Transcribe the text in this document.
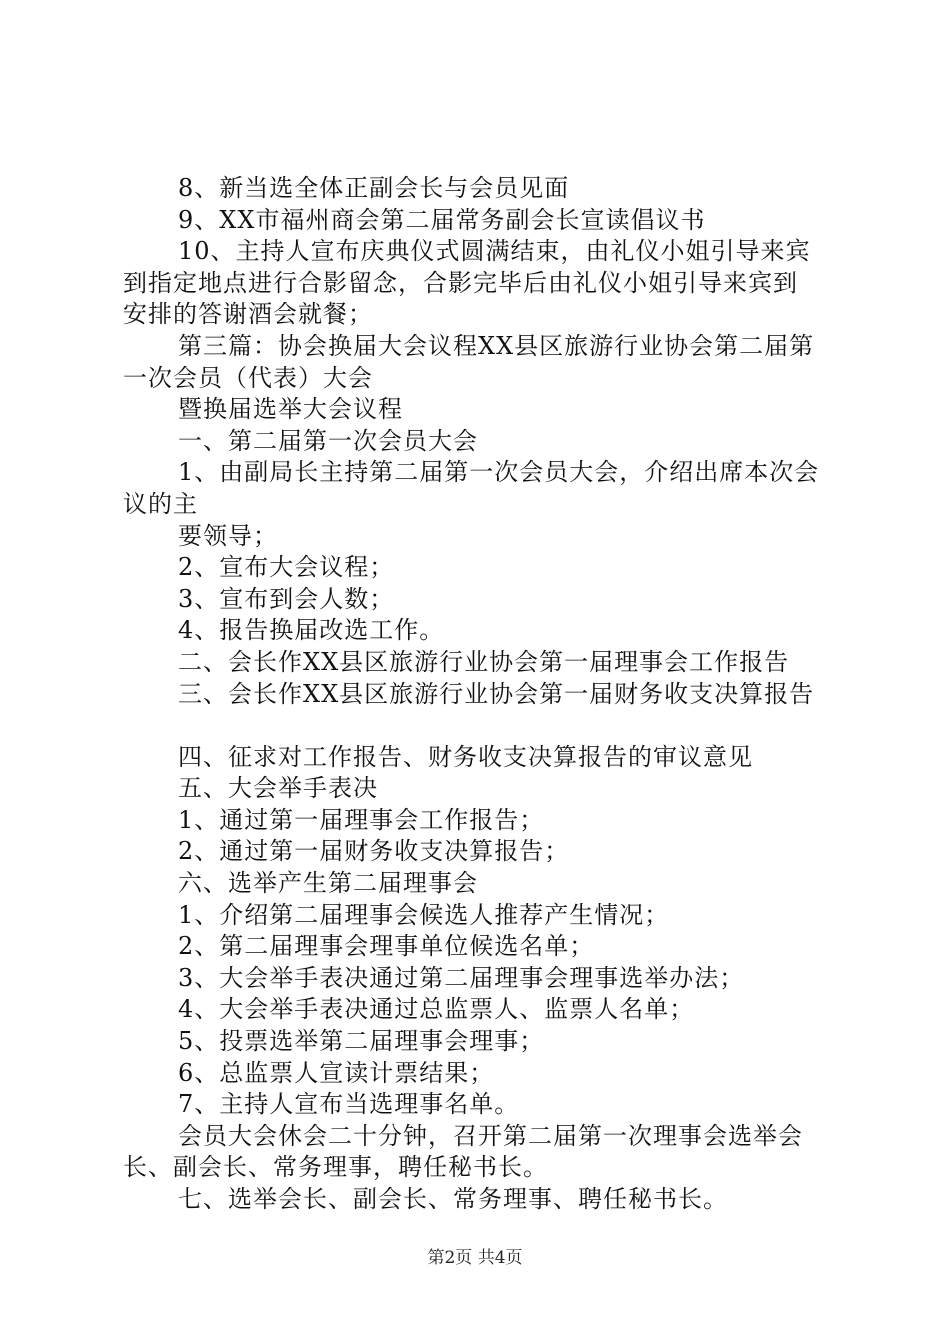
8、新当选全体正副会长与会员见面
9、XX市福州商会第二届常务副会长宣读倡议书
10、主持人宣布庆典仪式圆满结束，由礼仪小姐引导来宾
到指定地点进行合影留念，合影完毕后由礼仪小姐引导来宾到
安排的答谢酒会就餐；
第三篇：协会换届大会议程XX县区旅游行业协会第二届第
一次会员（代表）大会
暨换届选举大会议程
一、第二届第一次会员大会
1、由副局长主持第二届第一次会员大会，介绍出席本次会
议的主
要领导；
2、宣布大会议程；
3、宣布到会人数；
4、报告换届改选工作。
二、会长作XX县区旅游行业协会第一届理事会工作报告
三、会长作XX县区旅游行业协会第一届财务收支决算报告
四、征求对工作报告、财务收支决算报告的审议意见
五、大会举手表决
1、通过第一届理事会工作报告；
2、通过第一届财务收支决算报告；
六、选举产生第二届理事会
1、介绍第二届理事会候选人推荐产生情况；
2、第二届理事会理事单位候选名单；
3、大会举手表决通过第二届理事会理事选举办法；
4、大会举手表决通过总监票人、监票人名单；
5、投票选举第二届理事会理事；
6、总监票人宣读计票结果；
7、主持人宣布当选理事名单。
会员大会休会二十分钟，召开第二届第一次理事会选举会
长、副会长、常务理事，聘任秘书长。
七、选举会长、副会长、常务理事、聘任秘书长。
第2页 共4页
